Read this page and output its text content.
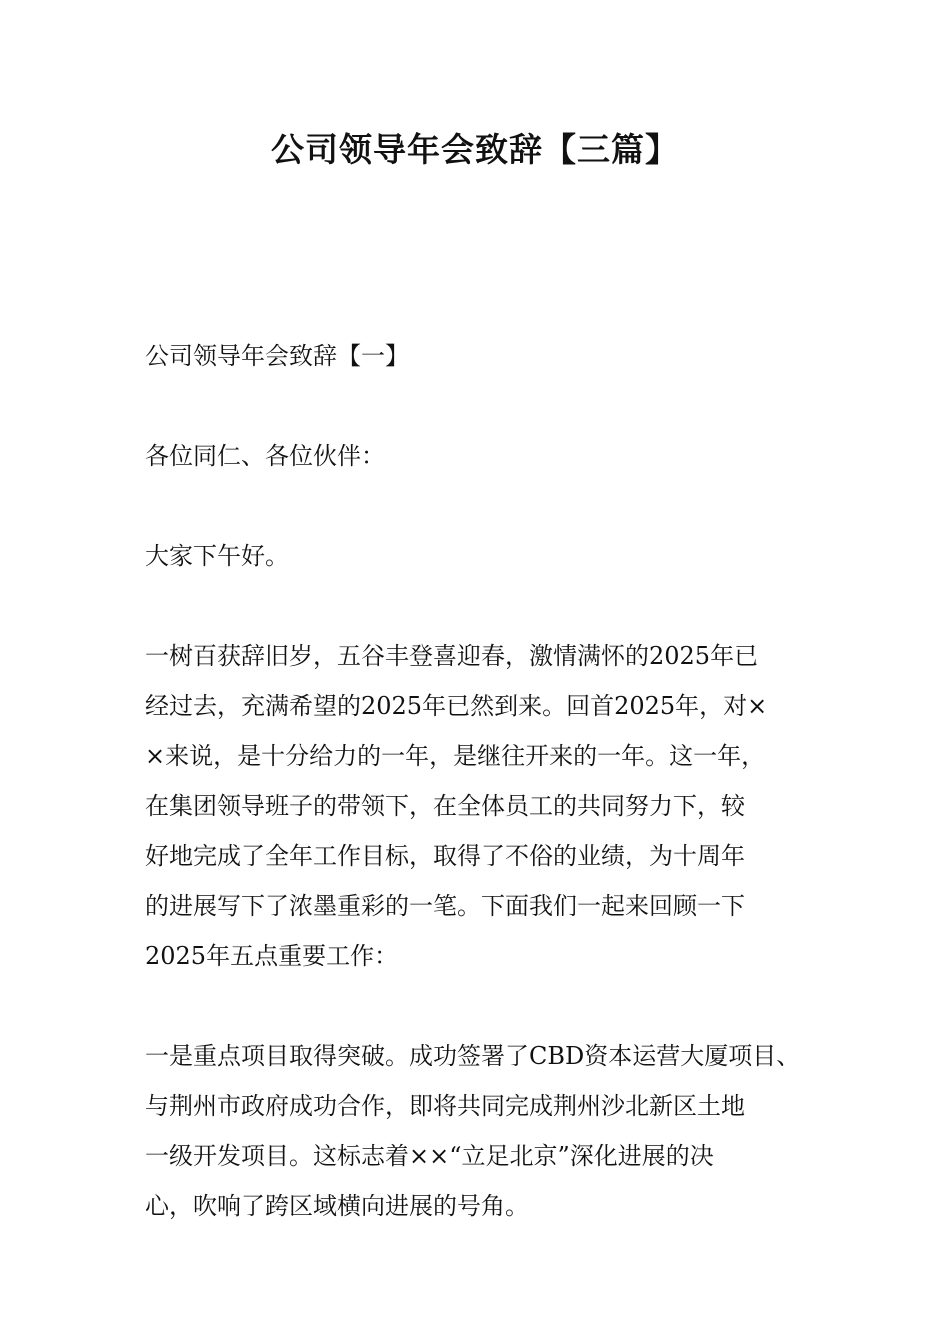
公司领导年会致辞【三篇】

公司领导年会致辞【一】

各位同仁、各位伙伴：

大家下午好。

一树百获辞旧岁，五谷丰登喜迎春，激情满怀的2025年已

经过去，充满希望的2025年已然到来。回首2025年，对×

×来说，是十分给力的一年，是继往开来的一年。这一年，

在集团领导班子的带领下，在全体员工的共同努力下，较

好地完成了全年工作目标，取得了不俗的业绩，为十周年

的进展写下了浓墨重彩的一笔。下面我们一起来回顾一下

2025年五点重要工作：

一是重点项目取得突破。成功签署了CBD资本运营大厦项目、

与荆州市政府成功合作，即将共同完成荆州沙北新区土地

一级开发项目。这标志着××“立足北京”深化进展的决

心，吹响了跨区域横向进展的号角。
